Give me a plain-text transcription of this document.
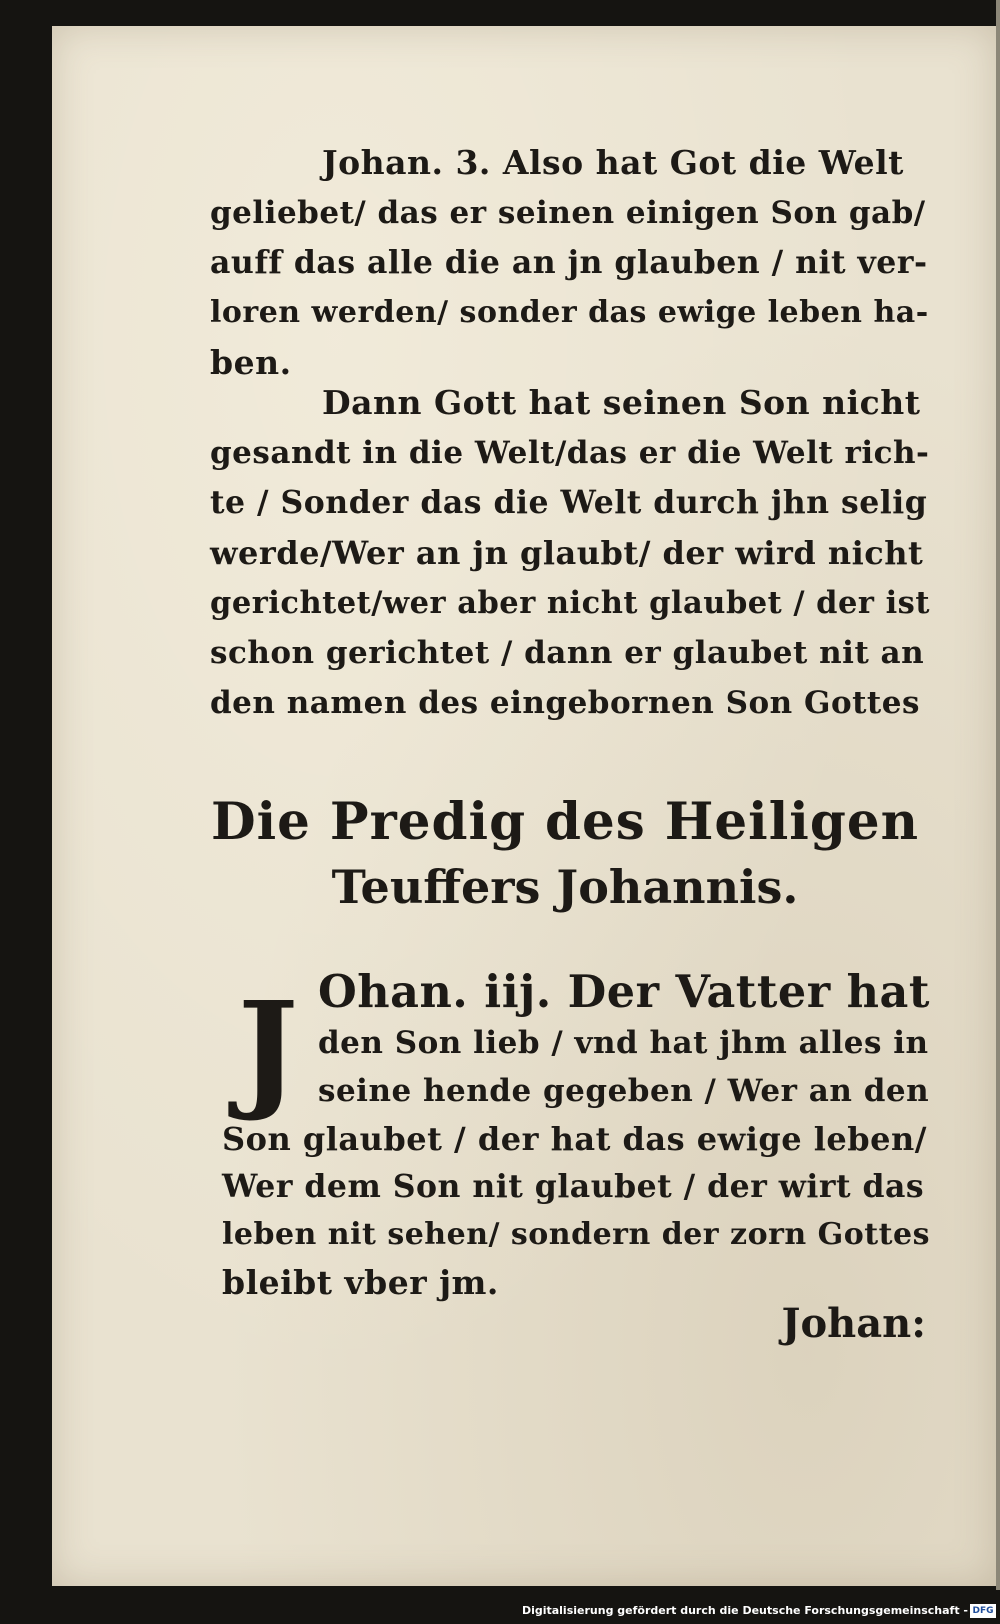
Johan. 3. Also hat Got die Welt
geliebet/ das er seinen einigen Son gab/
auff das alle die an jn glauben / nit ver-
loren werden/ sonder das ewige leben ha-
ben.
Dann Gott hat seinen Son nicht
gesandt in die Welt/das er die Welt rich-
te / Sonder das die Welt durch jhn selig
werde/Wer an jn glaubt/ der wird nicht
gerichtet/wer aber nicht glaubet / der ist
schon gerichtet / dann er glaubet nit an
den namen des eingebornen Son Gottes
Die Predig des Heiligen
Teuffers Johannis.
J Ohan. iij. Der Vatter hat
den Son lieb / vnd hat jhm alles in
seine hende gegeben / Wer an den
Son glaubet / der hat das ewige leben/
Wer dem Son nit glaubet / der wirt das
leben nit sehen/ sondern der zorn Gottes
bleibt vber jm.
Johan:
Digitalisierung gefördert durch die Deutsche Forschungsgemeinschaft - DFG
